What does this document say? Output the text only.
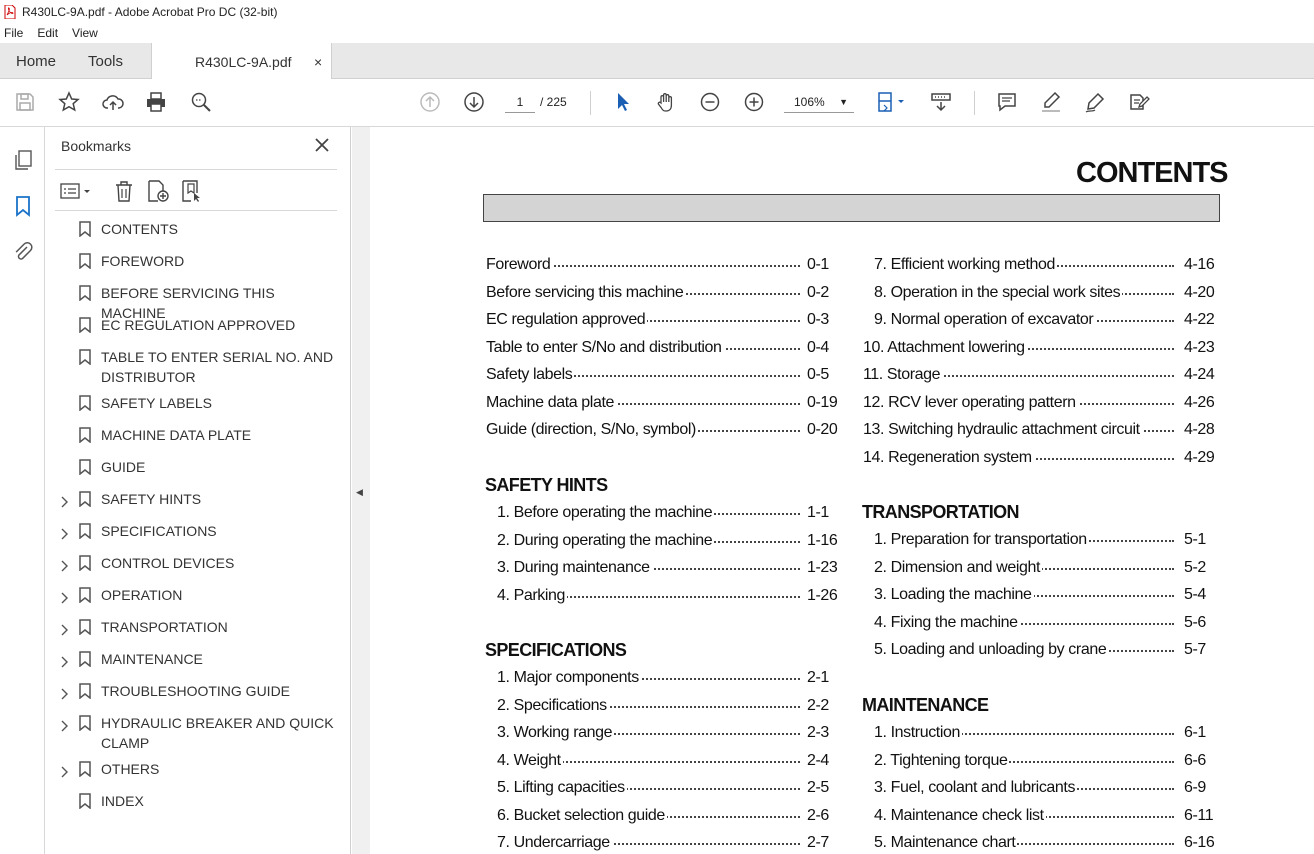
R430LC-9A.pdf - Adobe Acrobat Pro DC (32-bit)
File Edit View
Home Tools	R430LC-9A.pdf ×
1	/ 225	106% ▼
Bookmarks
CONTENTS
FOREWORD
BEFORE SERVICING THIS MACHINE
EC REGULATION APPROVED
TABLE TO ENTER SERIAL NO. AND DISTRIBUTOR
SAFETY LABELS
MACHINE DATA PLATE
GUIDE
SAFETY HINTS
SPECIFICATIONS
CONTROL DEVICES
OPERATION
TRANSPORTATION
MAINTENANCE
TROUBLESHOOTING GUIDE
HYDRAULIC BREAKER AND QUICK CLAMP
OTHERS
INDEX
◀
CONTENTS
Foreword	0-1
Before servicing this machine	0-2
EC regulation approved	0-3
Table to enter S/No and distribution	0-4
Safety labels	0-5
Machine data plate	0-19
Guide (direction, S/No, symbol)	0-20
SAFETY HINTS
1. Before operating the machine	1-1
2. During operating the machine	1-16
3. During maintenance	1-23
4. Parking	1-26
SPECIFICATIONS
1. Major components	2-1
2. Specifications	2-2
3. Working range	2-3
4. Weight	2-4
5. Lifting capacities	2-5
6. Bucket selection guide	2-6
7. Undercarriage	2-7
7. Efficient working method	4-16
8. Operation in the special work sites	4-20
9. Normal operation of excavator	4-22
10. Attachment lowering	4-23
11. Storage	4-24
12. RCV lever operating pattern	4-26
13. Switching hydraulic attachment circuit	4-28
14. Regeneration system	4-29
TRANSPORTATION
1. Preparation for transportation	5-1
2. Dimension and weight	5-2
3. Loading the machine	5-4
4. Fixing the machine	5-6
5. Loading and unloading by crane	5-7
MAINTENANCE
1. Instruction	6-1
2. Tightening torque	6-6
3. Fuel, coolant and lubricants	6-9
4. Maintenance check list	6-11
5. Maintenance chart	6-16
